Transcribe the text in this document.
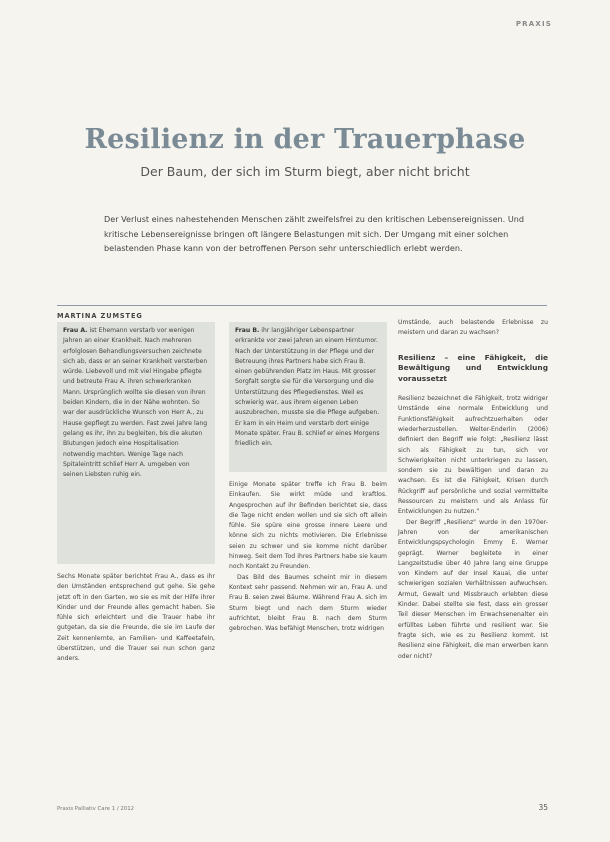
PRAXIS
Resilienz in der Trauerphase
Der Baum, der sich im Sturm biegt, aber nicht bricht
Der Verlust eines nahestehenden Menschen zählt zweifelsfrei zu den kritischen Lebensereignissen. Und kritische Lebensereignisse bringen oft längere Belastungen mit sich. Der Umgang mit einer solchen belastenden Phase kann von der betroffenen Person sehr unterschiedlich erlebt werden.
MARTINA ZUMSTEG
Frau A. ist Ehemann verstarb vor wenigen Jahren an einer Krankheit. Nach mehreren erfolglosen Behandlungsversuchen zeichnete sich ab, dass er an seiner Krankheit versterben würde. Liebevoll und mit viel Hingabe pflegte und betreute Frau A. ihren schwerkranken Mann. Ursprünglich wollte sie diesen von ihren beiden Kindern, die in der Nähe wohnten. So war der ausdrückliche Wunsch von Herr A., zu Hause gepflegt zu werden. Fast zwei Jahre lang gelang es ihr, ihn zu begleiten, bis die akuten Blutungen jedoch eine Hospitalisation notwendig machten. Wenige Tage nach Spitaleintritt schlief Herr A. umgeben von seinen Liebsten ruhig ein.

Sechs Monate später berichtet Frau A., dass es ihr den Umständen entsprechend gut gehe. Sie gehe jetzt oft in den Garten, wo sie es mit der Hilfe ihrer Kinder und der Freunde alles gemacht haben. Sie fühle sich erleichtert und die Trauer habe ihr gutgetan, da sie die Freunde, die sie im Laufe der Zeit kennenlernte, an Familien- und Kaffeetafeln, überstützen, und die Trauer sei nun schon ganz anders.

Frau B. ihr langjähriger Lebenspartner erkrankte vor zwei Jahren an einem Hirntumor. Nach der Unterstützung in der Pflege und der Betreuung ihres Partners habe sich Frau B. einen gebührenden Platz im Haus. Mit grosser Sorgfalt sorgte sie für die Versorgung und die Unterstützung des Pflegedienstes. Weil es schwierig war, aus ihrem eigenen Leben auszubrechen, musste sie die Pflege aufgeben. Er kam in ein Heim und verstarb dort einige Monate später. Frau B. schlief er eines Morgens friedlich ein.

Einige Monate später treffe ich Frau B. beim Einkaufen. Sie wirkt müde und kraftlos. Angesprochen auf ihr Befinden berichtet sie, dass die Tage nicht enden wollen und sie sich oft allein fühle. Sie spüre eine grosse innere Leere und könne sich zu nichts motivieren. Die Erlebnisse seien zu schwer und sie komme nicht darüber hinweg. Seit dem Tod ihres Partners habe sie kaum noch Kontakt zu Freunden.

Das Bild des Baumes scheint mir in diesem Kontext sehr passend. Nehmen wir an, Frau A. und Frau B. seien zwei Bäume. Während Frau A. sich im Sturm biegt und nach dem Sturm wieder aufrichtet, bleibt Frau B. nach dem Sturm gebrochen. Was befähigt Menschen, trotz widrigen

Umstände, auch belastende Erlebnisse zu meistern und daran zu wachsen?

Resilienz – eine Fähigkeit, die Bewältigung und Entwicklung voraussetzt

Resilienz bezeichnet die Fähigkeit, trotz widriger Umstände eine normale Entwicklung und Funktionsfähigkeit aufrechtzuerhalten oder wiederherzustellen. Welter-Enderlin (2006) definiert den Begriff wie folgt: „Resilienz lässt sich als Fähigkeit zu tun, sich vor Schwierigkeiten nicht unterkriegen zu lassen, sondern sie zu bewältigen und daran zu wachsen. Es ist die Fähigkeit, Krisen durch Rückgriff auf persönliche und sozial vermittelte Ressourcen zu meistern und als Anlass für Entwicklungen zu nutzen."

Der Begriff „Resilienz" wurde in den 1970er-Jahren von der amerikanischen Entwicklungspsychologin Emmy E. Werner geprägt. Werner begleitete in einer Langzeitstudie über 40 Jahre lang eine Gruppe von Kindern auf der Insel Kauai, die unter schwierigen sozialen Verhältnissen aufwuchsen. Armut, Gewalt und Missbrauch erlebten diese Kinder. Dabei stellte sie fest, dass ein grosser Teil dieser Menschen im Erwachsenenalter ein erfülltes Leben führte und resilient war. Sie fragte sich, wie es zu Resilienz kommt. Ist Resilienz eine Fähigkeit, die man erwerben kann oder nicht?

Praxis Palliativ Care 1 / 2012	35
